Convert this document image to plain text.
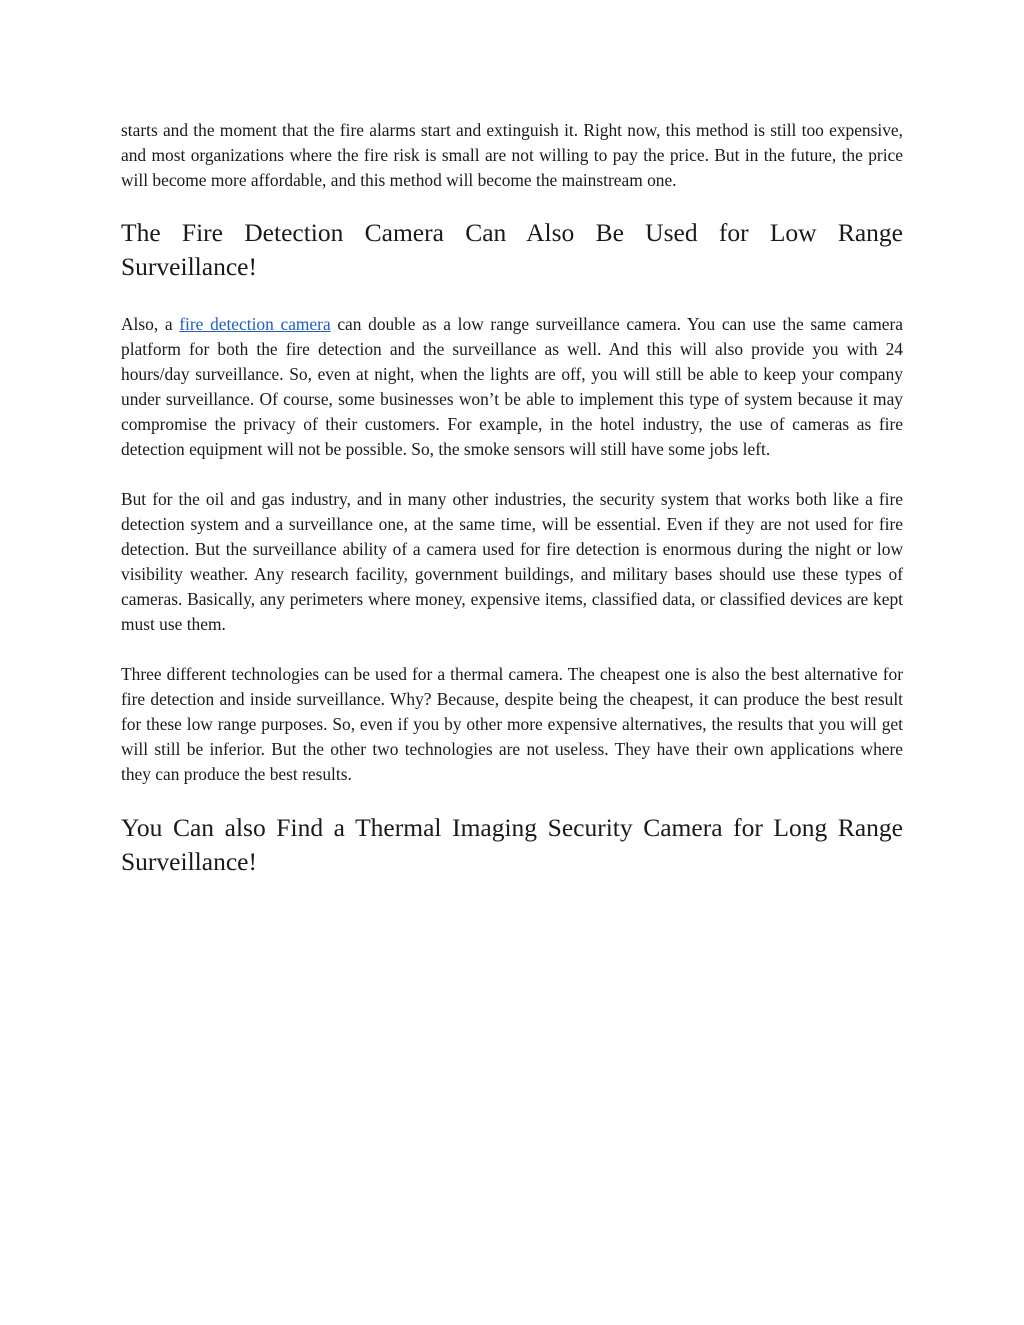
starts and the moment that the fire alarms start and extinguish it. Right now, this method is still too expensive, and most organizations where the fire risk is small are not willing to pay the price. But in the future, the price will become more affordable, and this method will become the mainstream one.

The Fire Detection Camera Can Also Be Used for Low Range
Surveillance!

Also, a fire detection camera can double as a low range surveillance camera. You can use the same camera platform for both the fire detection and the surveillance as well. And this will also provide you with 24 hours/day surveillance. So, even at night, when the lights are off, you will still be able to keep your company under surveillance. Of course, some businesses won’t be able to implement this type of system because it may compromise the privacy of their customers. For example, in the hotel industry, the use of cameras as fire detection equipment will not be possible. So, the smoke sensors will still have some jobs left.

But for the oil and gas industry, and in many other industries, the security system that works both like a fire detection system and a surveillance one, at the same time, will be essential. Even if they are not used for fire detection. But the surveillance ability of a camera used for fire detection is enormous during the night or low visibility weather. Any research facility, government buildings, and military bases should use these types of cameras. Basically, any perimeters where money, expensive items, classified data, or classified devices are kept must use them.

Three different technologies can be used for a thermal camera. The cheapest one is also the best alternative for fire detection and inside surveillance. Why? Because, despite being the cheapest, it can produce the best result for these low range purposes. So, even if you by other more expensive alternatives, the results that you will get will still be inferior. But the other two technologies are not useless. They have their own applications where they can produce the best results.

You Can also Find a Thermal Imaging Security Camera for Long Range Surveillance!
